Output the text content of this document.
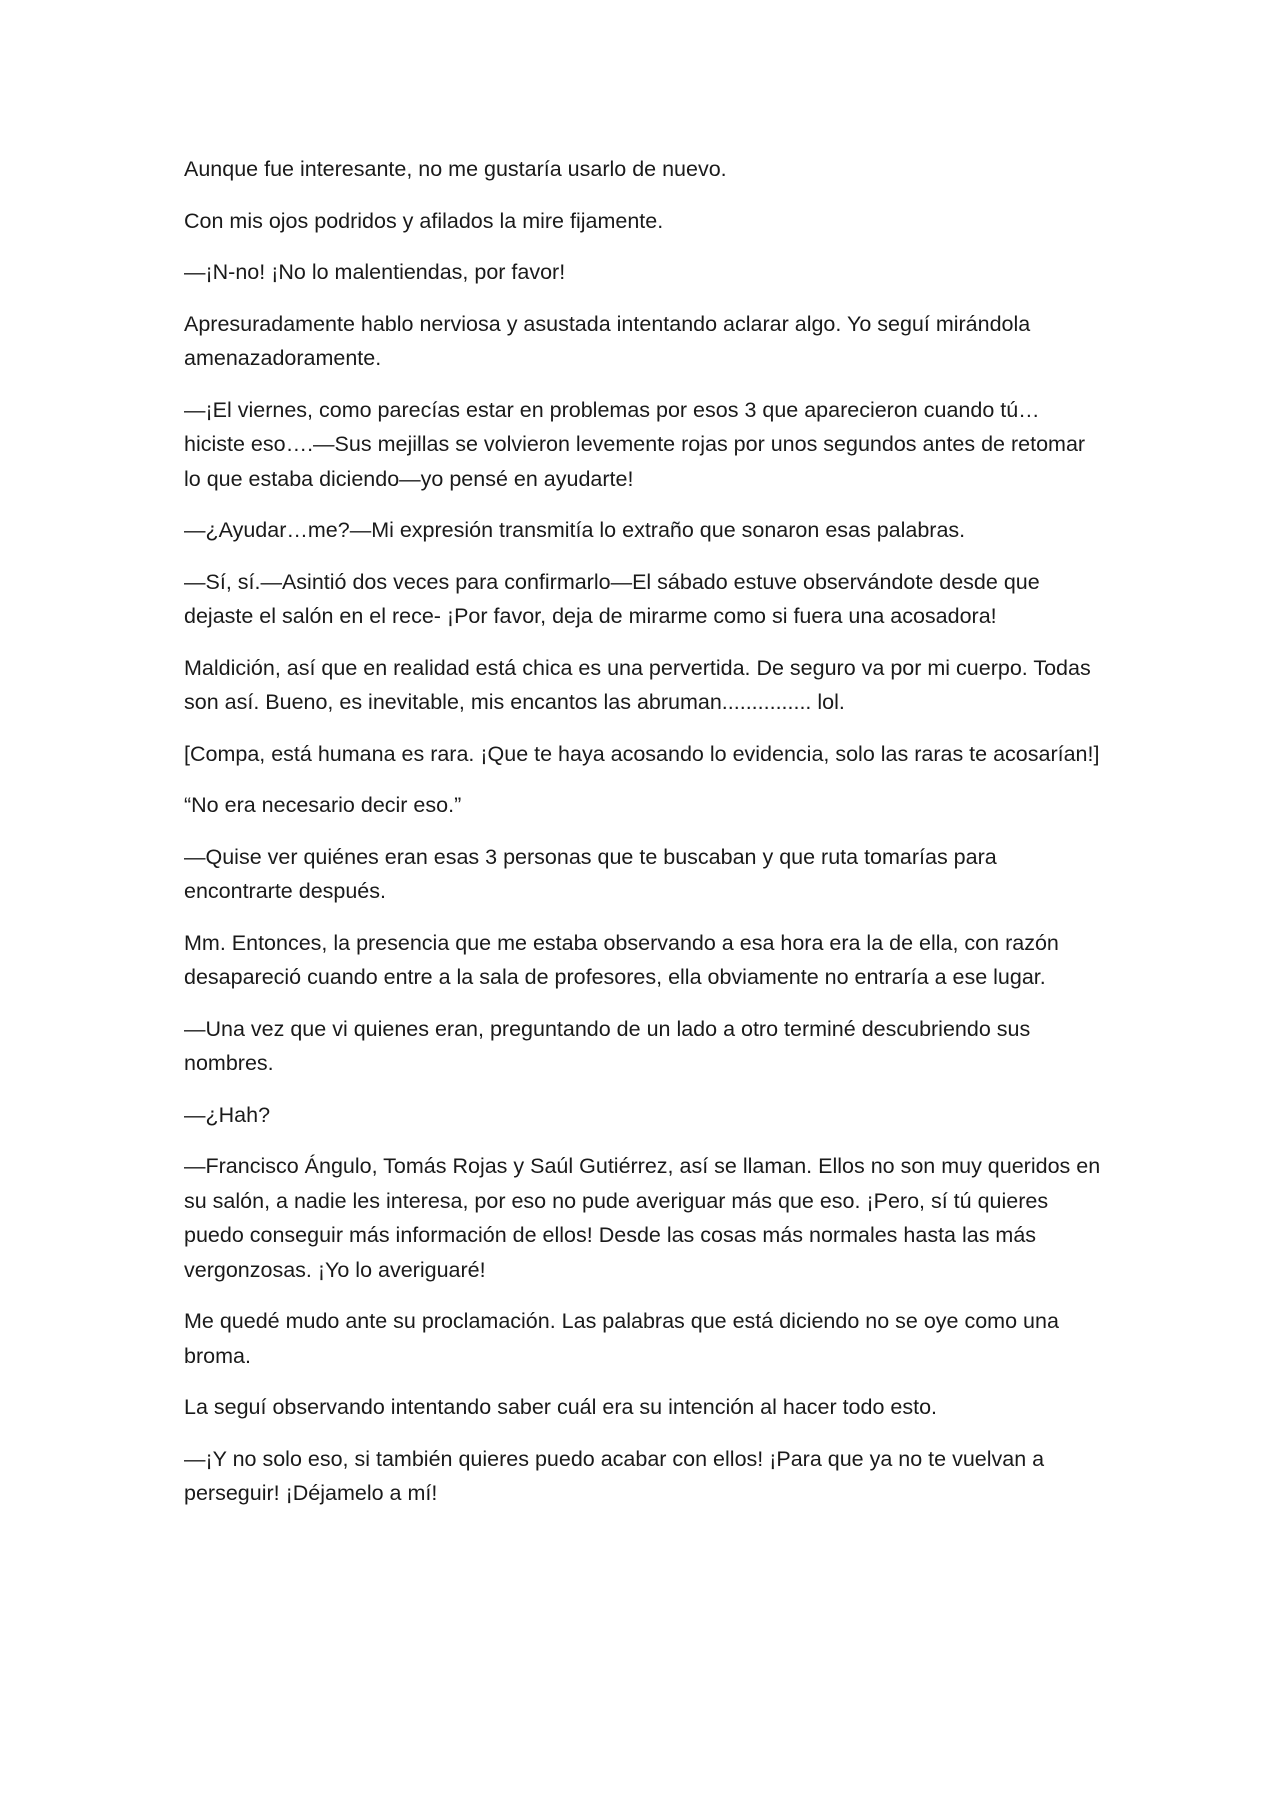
Aunque fue interesante, no me gustaría usarlo de nuevo.

Con mis ojos podridos y afilados la mire fijamente.

—¡N-no! ¡No lo malentiendas, por favor!

Apresuradamente hablo nerviosa y asustada intentando aclarar algo. Yo seguí mirándola amenazadoramente.

—¡El viernes, como parecías estar en problemas por esos 3 que aparecieron cuando tú… hiciste eso….—Sus mejillas se volvieron levemente rojas por unos segundos antes de retomar lo que estaba diciendo—yo pensé en ayudarte!

—¿Ayudar…me?—Mi expresión transmitía lo extraño que sonaron esas palabras.

—Sí, sí.—Asintió dos veces para confirmarlo—El sábado estuve observándote desde que dejaste el salón en el rece- ¡Por favor, deja de mirarme como si fuera una acosadora!

Maldición, así que en realidad está chica es una pervertida. De seguro va por mi cuerpo. Todas son así. Bueno, es inevitable, mis encantos las abruman............... lol.

[Compa, está humana es rara. ¡Que te haya acosando lo evidencia, solo las raras te acosarían!]

“No era necesario decir eso.”

—Quise ver quiénes eran esas 3 personas que te buscaban y que ruta tomarías para encontrarte después.

Mm. Entonces, la presencia que me estaba observando a esa hora era la de ella, con razón desapareció cuando entre a la sala de profesores, ella obviamente no entraría a ese lugar.

—Una vez que vi quienes eran, preguntando de un lado a otro terminé descubriendo sus nombres.

—¿Hah?

—Francisco Ángulo, Tomás Rojas y Saúl Gutiérrez, así se llaman. Ellos no son muy queridos en su salón, a nadie les interesa, por eso no pude averiguar más que eso. ¡Pero, sí tú quieres puedo conseguir más información de ellos! Desde las cosas más normales hasta las más vergonzosas. ¡Yo lo averiguaré!

Me quedé mudo ante su proclamación. Las palabras que está diciendo no se oye como una broma.

La seguí observando intentando saber cuál era su intención al hacer todo esto.

—¡Y no solo eso, si también quieres puedo acabar con ellos! ¡Para que ya no te vuelvan a perseguir! ¡Déjamelo a mí!
